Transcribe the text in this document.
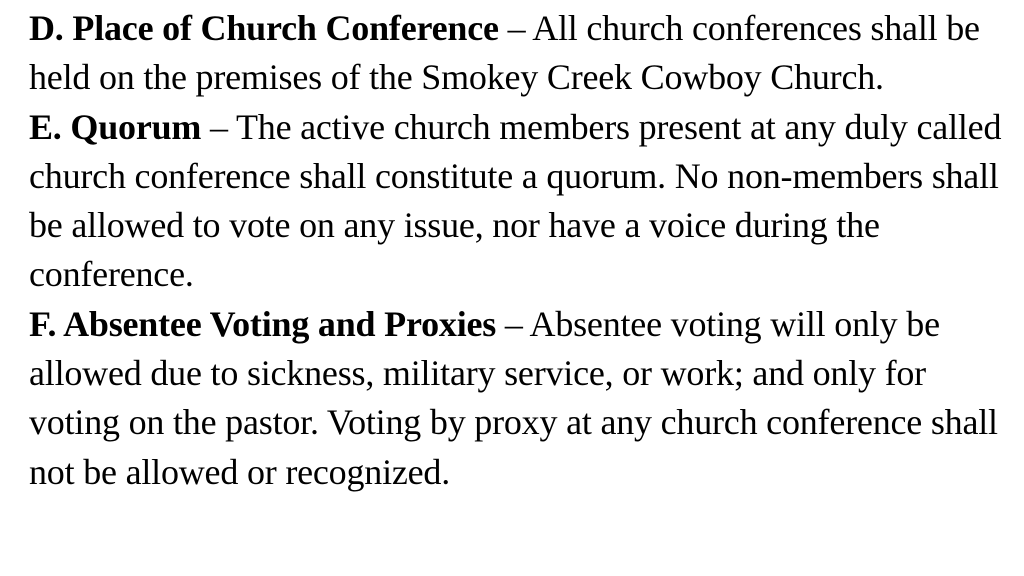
D. Place of Church Conference – All church conferences shall be held on the premises of the Smokey Creek Cowboy Church.

E. Quorum – The active church members present at any duly called church conference shall constitute a quorum. No non-members shall be allowed to vote on any issue, nor have a voice during the conference.

F. Absentee Voting and Proxies – Absentee voting will only be allowed due to sickness, military service, or work; and only for voting on the pastor. Voting by proxy at any church conference shall not be allowed or recognized.
